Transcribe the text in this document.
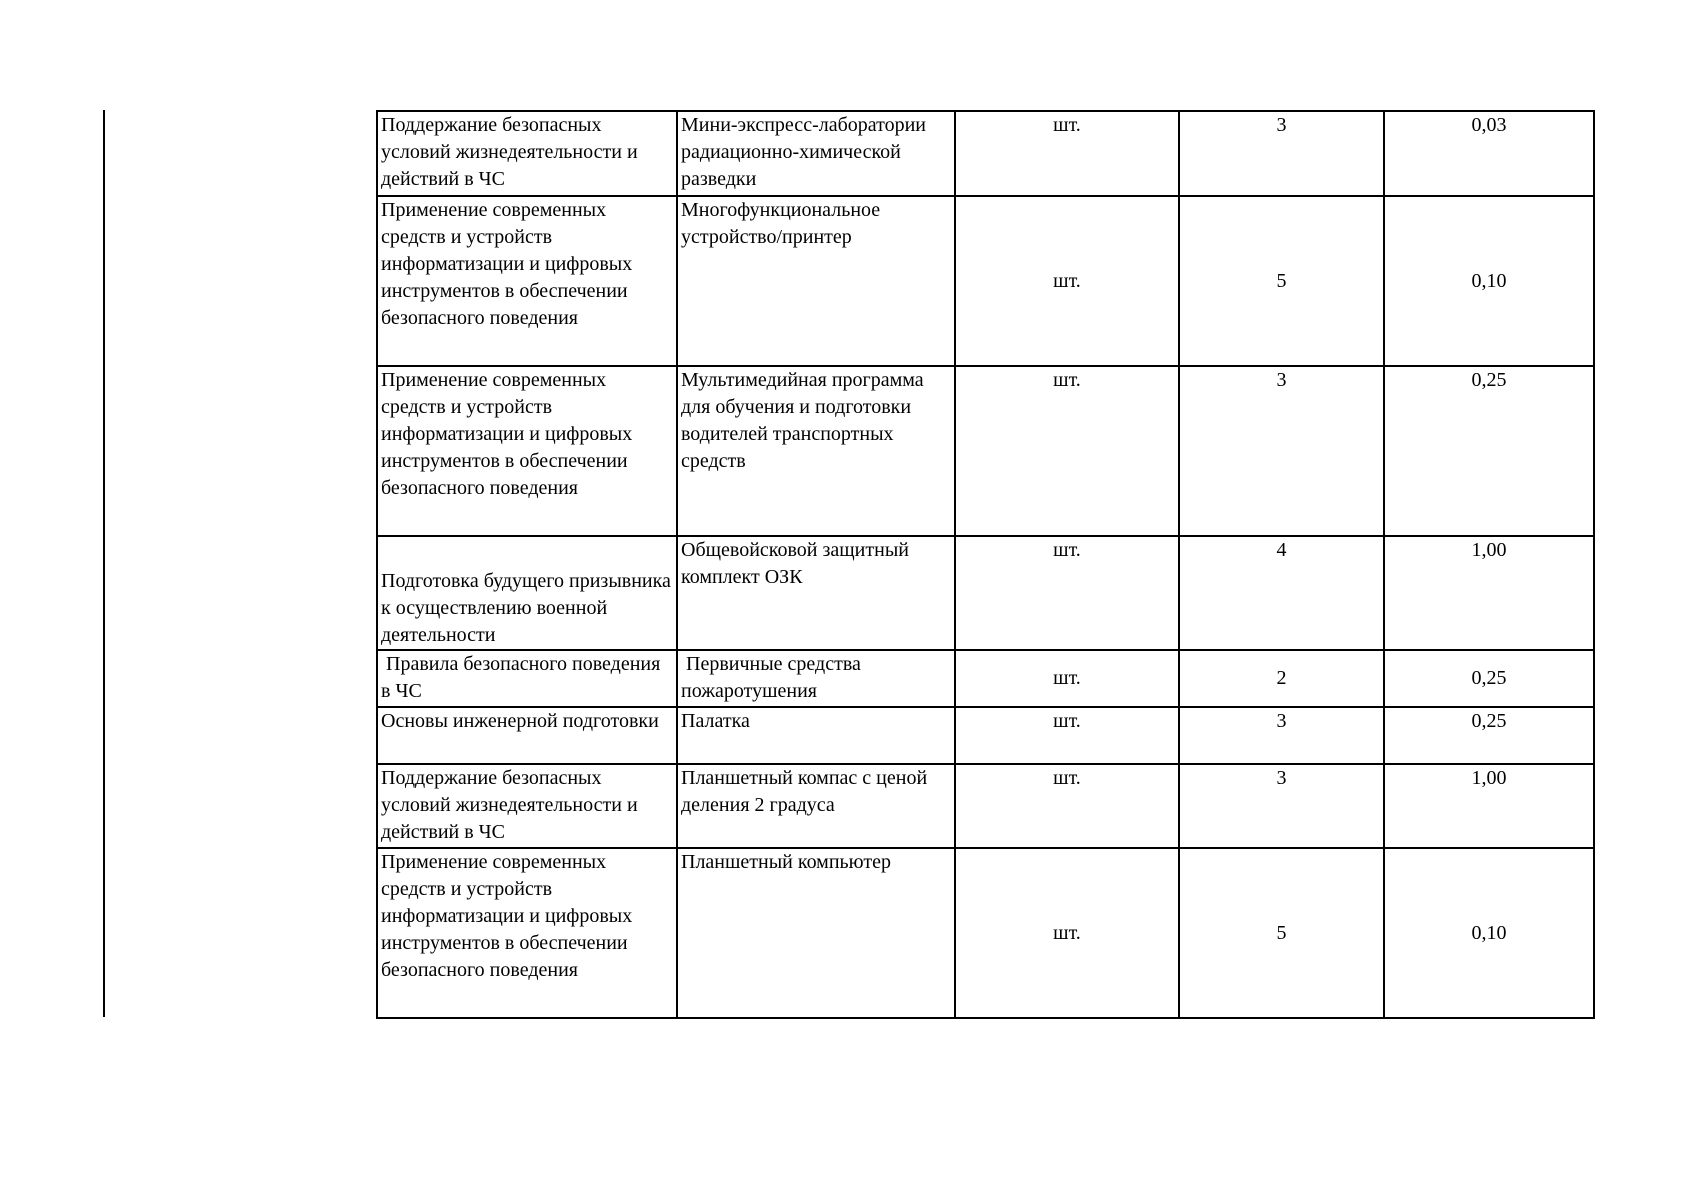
Поддержание безопасных условий жизнедеятельности и действий в ЧС	Мини-экспресс-лаборатории радиационно-химической разведки	шт.	3	0,03
Применение современных средств и устройств информатизации и цифровых инструментов в обеспечении безопасного поведения	Многофункциональное устройство/принтер	шт.	5	0,10
Применение современных средств и устройств информатизации и цифровых инструментов в обеспечении безопасного поведения	Мультимедийная программа для обучения и подготовки водителей транспортных средств	шт.	3	0,25
Подготовка будущего призывника к осуществлению военной деятельности	Общевойсковой защитный комплект ОЗК	шт.	4	1,00
Правила безопасного поведения в ЧС	Первичные средства пожаротушения	шт.	2	0,25
Основы инженерной подготовки	Палатка	шт.	3	0,25
Поддержание безопасных условий жизнедеятельности и действий в ЧС	Планшетный компас с ценой деления 2 градуса	шт.	3	1,00
Применение современных средств и устройств информатизации и цифровых инструментов в обеспечении безопасного поведения	Планшетный компьютер	шт.	5	0,10
